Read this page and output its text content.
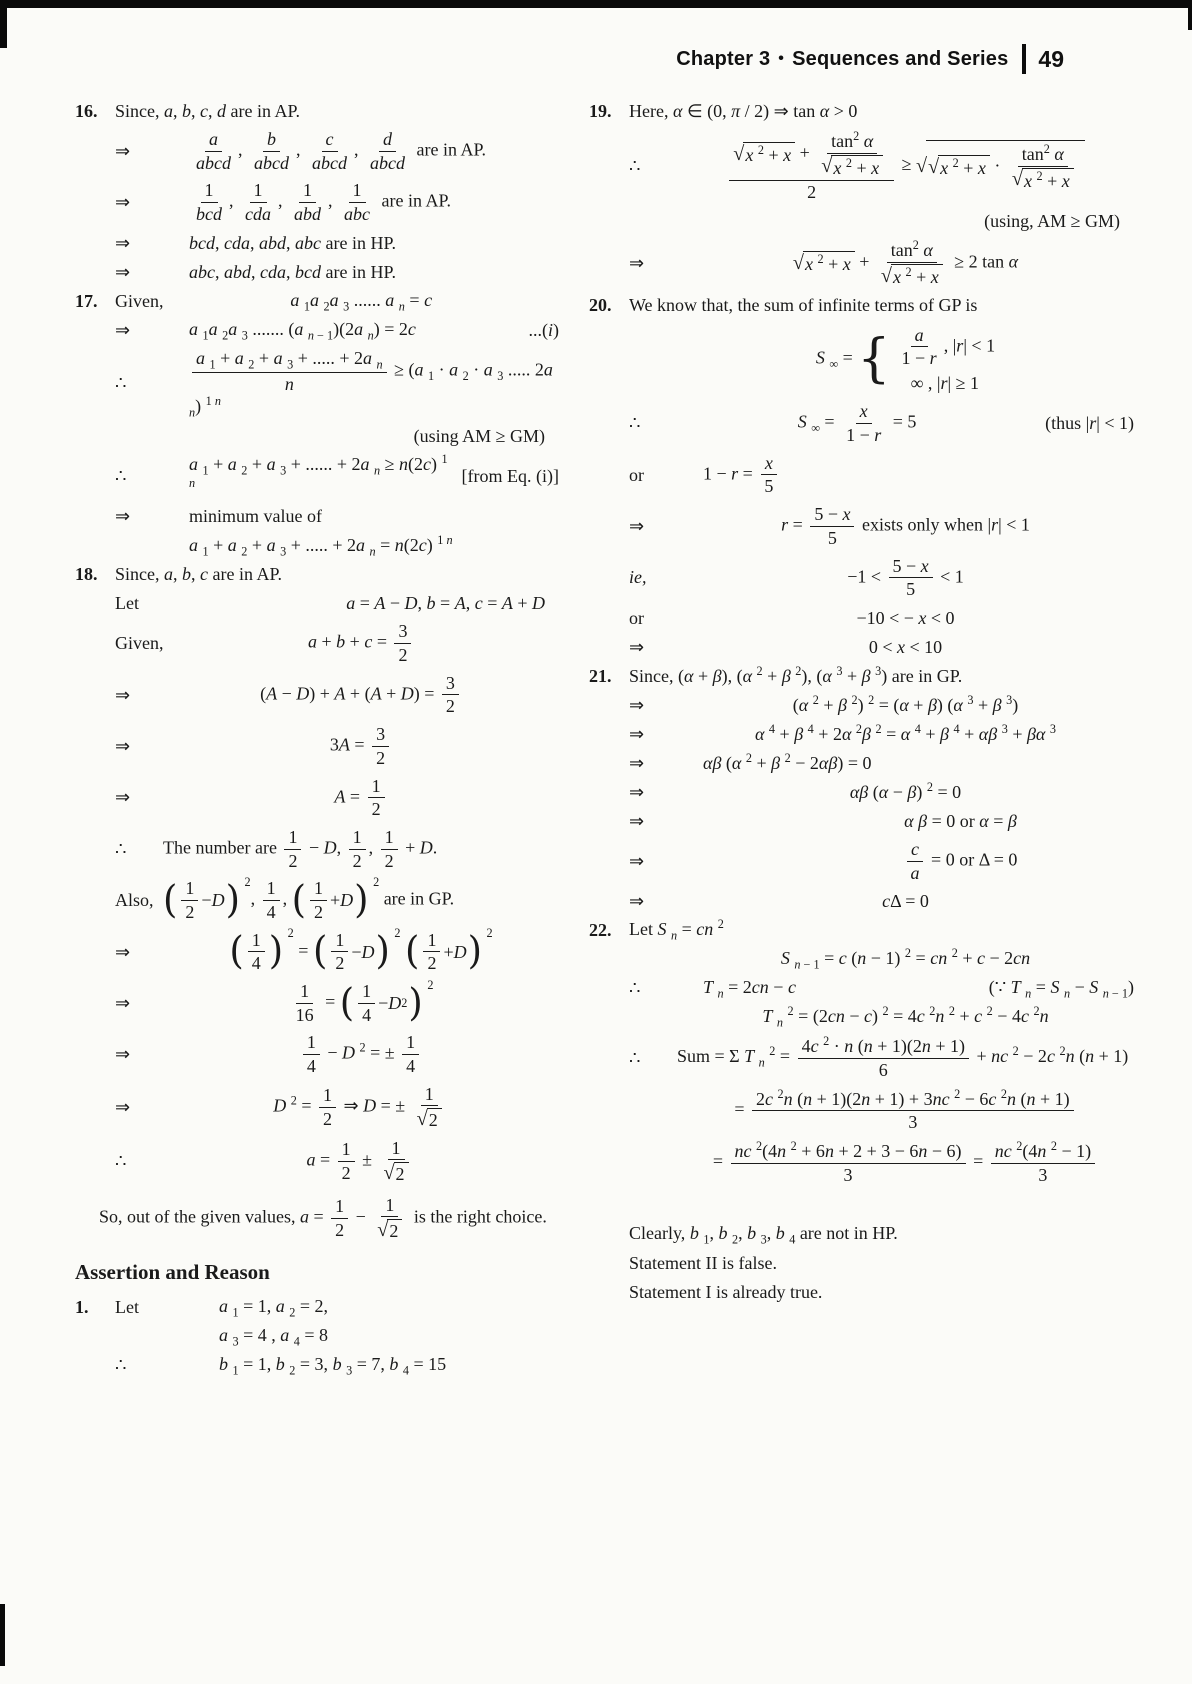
Chapter 3 • Sequences and Series 49
16. Since, a, b, c, d are in AP.
⇒	$\frac{a}{\text{abcd}}$ , $\frac{b}{\text{abcd}}$ , $\frac{c}{\text{abcd}}$ , $\frac{d}{\text{abcd}}$ are in AP.
⇒	$\frac{1}{\text{bcd}}$ , $\frac{1}{\text{cda}}$ , $\frac{1}{\text{abd}}$ , $\frac{1}{\text{abc}}$ are in AP.
⇒	bcd, cda, abd, abc are in HP.
⇒	abc, abd, cda, bcd are in HP.
17. Given,	a $_1$a $_2$a $_3$ ...... a $_n$ = c
⇒	a $_1$a $_2$a $_3$ ....... (a $_{n - 1}$)(2a $_n$) = 2c	...(i)
∴	$\frac{a _1 + a _2 + a _3 + ..... + 2a _n}{n} \ge (a$ $_1$ · a $_2$ · a $_3$ ..... 2a $_n$) $^{1 n}$
(using AM ≥ GM)
∴
a $_1$ + a $_2$ + a $_3$ + ...... + 2a $_n$ ≥ n(2c) $^{1 n}$	[from Eq. (i)]
⇒	minimum value of
a $_1$ + a $_2$ + a $_3$ + ..... + 2a $_n$ = n(2c) $^{1 n}$
18. Since, a, b, c are in AP.
Let	a = A − D, b = A, c = A + D
Given,	$a + b + c = \frac{3}{2}$
⇒	$(A - D) + A + (A + D) = \frac{3}{2}$
⇒	$3A = \frac{3}{2}$
⇒	$A = \frac{1}{2}$
∴	The number are $\frac{1}{2} - D$, $\frac{1}{2}$ , $\frac{1}{2} + D$.
Also, ( $\frac{1}{2} - D$ ) $^2$, $\frac{1}{4}$ , ( $\frac{1}{2} + D$ ) $^2$ are in GP.
⇒	( $\frac{1}{4}$ ) $^2$ = ( $\frac{1}{2} - D$ ) $^2$ ( $\frac{1}{2} + D$ ) $^2$
⇒	$\frac{1}{16}$ = ( $\frac{1}{4} - D$ 2 ) $^2$
⇒	$\frac{1}{4} - D$ $^2$ = ± $\frac{1}{4}$
⇒	D $^2 = \frac{1}{2}$ ⇒ D = ± $\frac{1}{√ 2}$
∴	$a = \frac{1}{2} \pm \frac{1}{√ 2}$
So, out of the given values, $a = \frac{1}{2} - \frac{1}{√ 2}$ is the right choice.
Assertion and Reason
1.	Let	a $_1$ = 1, a $_2$ = 2,
a $_3$ = 4 , a $_4$ = 8
∴	b $_1$ = 1, b $_2$ = 3, b $_3$ = 7, b $_4$ = 15
19. Here, α ∈ (0, π / 2) ⇒ tan α > 0
∴	$\frac{√ x ^2 + x + \frac{\tan^2 \alpha}{√ x ^2 + x}}{2}$ ≥ √ √ x $^2 + x \cdot \frac{\tan^2 \alpha}{√ x ^2 + x}$
(using, AM ≥ GM)
⇒	√ x $^2 + x + \frac{\tan^2 \alpha}{√ x ^2 + x} \ge 2$ tan α
20. We know that, the sum of infinite terms of GP is
S $_\infty$ = { $\frac{a}{1 - r}$ , |r| < 1
∞ , |r| ≥ 1
∴	S $_\infty = \frac{x}{1 - r} = 5$	(thus |r| < 1)
or	$1 - r = \frac{x}{5}$
⇒	$r = \frac{5 - x}{5}$ exists only when |r| < 1
ie,	$-1 < \frac{5 - x}{5} < 1$
or	−10 < − x < 0
⇒	0 < x < 10
21. Since, (α + β), (α $^2$ + β $^2$), (α $^3$ + β $^3$) are in GP.
⇒	(α $^2$ + β $^2$) $^2$ = (α + β) (α $^3$ + β $^3$)
⇒	α $^4$ + β $^4$ + 2α $^2$β $^2$ = α $^4$ + β $^4$ + αβ $^3$ + βα $^3$
⇒	αβ (α $^2$ + β $^2$ − 2αβ) = 0
⇒	αβ (α − β) $^2$ = 0
⇒	α β = 0 or α = β
⇒	$\frac{c}{a} = 0$ or Δ = 0
⇒	cΔ = 0
22. Let S $_n$ = cn $^2$
S $_{n - 1}$ = c (n − 1) $^2$ = cn $^2$ + c − 2cn
∴	T $_n$ = 2cn − c	(∵ T $_n$ = S $_n$ − S $_{n - 1}$)
T $_n$ $^2$ = (2cn − c) $^2$ = 4c $^2$n $^2$ + c $^2$ − 4c $^2$n
∴	Sum = Σ T $_n$ $^2 = \frac{4c ^2 \cdot n (n + 1)(2n + 1)}{6}$ + nc $^2$ − 2c $^2$n (n + 1)
= $\frac{2c ^2n (n + 1)(2n + 1) + 3nc ^2 - 6c ^2n (n + 1)}{3}$
= $\frac{nc ^2(4n ^2 + 6n + 2 + 3 - 6n - 6)}{3} = \frac{nc ^2(4n ^2 - 1)}{3}$
Clearly, b $_1$, b $_2$, b $_3$, b $_4$ are not in HP.
Statement II is false.
Statement I is already true.
